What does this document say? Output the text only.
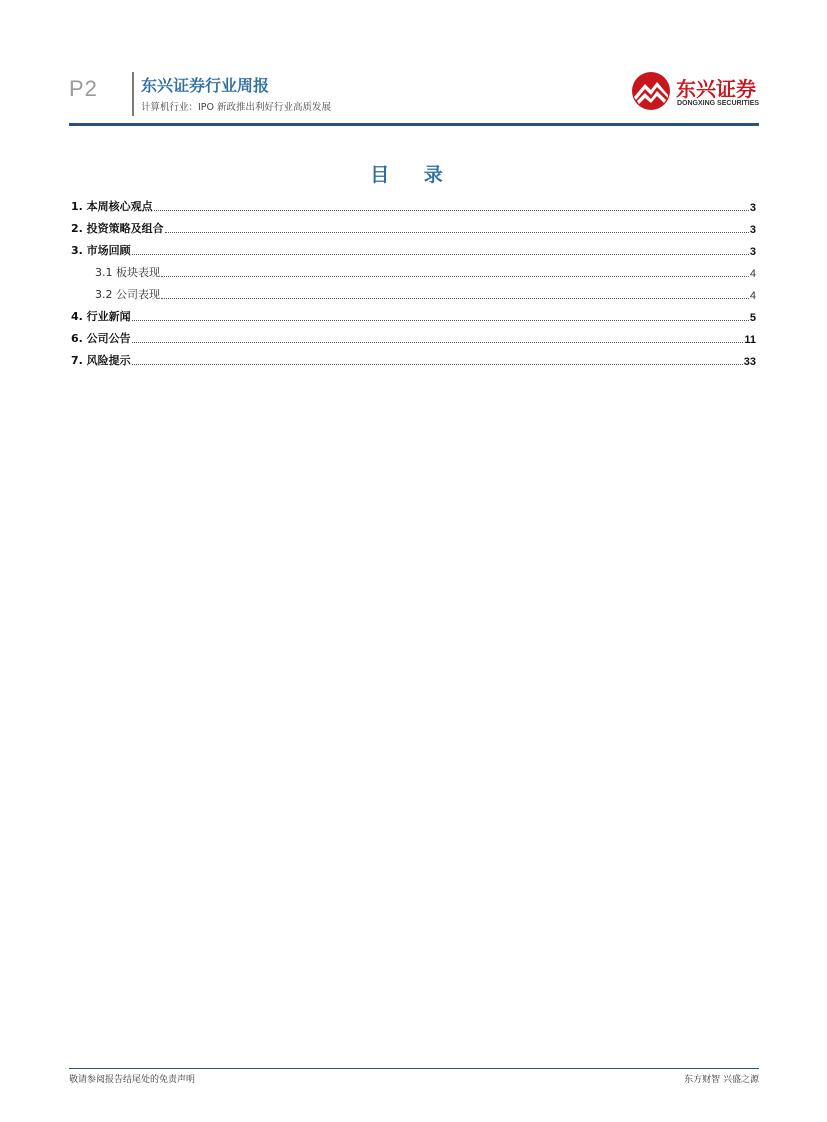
P2	东兴证券行业周报
计算机行业：IPO 新政推出利好行业高质发展
东兴证券
DONGXING SECURITIES
目 录
1. 本周核心观点	3
2. 投资策略及组合	3
3. 市场回顾	3
3.1 板块表现	4
3.2 公司表现	4
4. 行业新闻	5
6. 公司公告	11
7. 风险提示	33
敬请参阅报告结尾处的免责声明	东方财智 兴盛之源
